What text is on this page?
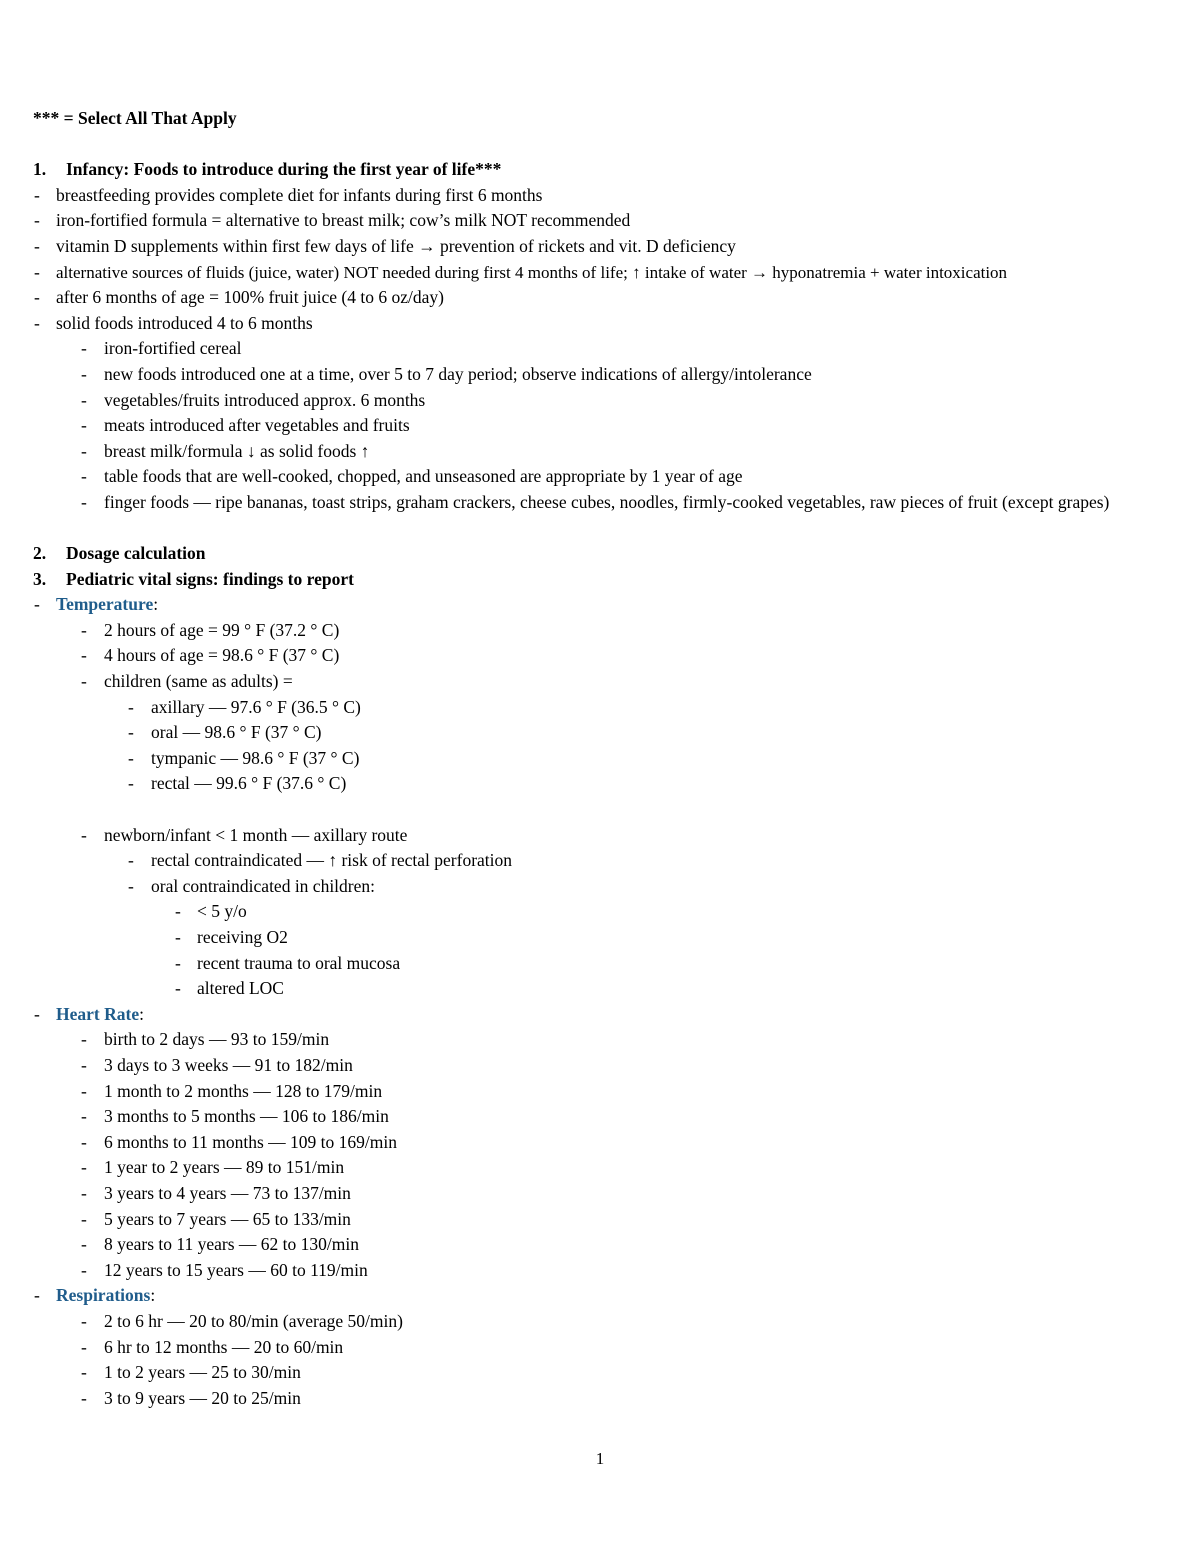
*** = Select All That Apply
1.	Infancy: Foods to introduce during the first year of life***
- breastfeeding provides complete diet for infants during first 6 months
- iron-fortified formula = alternative to breast milk; cow’s milk NOT recommended
- vitamin D supplements within first few days of life → prevention of rickets and vit. D deficiency
- alternative sources of fluids (juice, water) NOT needed during first 4 months of life; ↑ intake of water → hyponatremia + water intoxication
- after 6 months of age = 100% fruit juice (4 to 6 oz/day)
- solid foods introduced 4 to 6 months
- iron-fortified cereal
- new foods introduced one at a time, over 5 to 7 day period; observe indications of allergy/intolerance
- vegetables/fruits introduced approx. 6 months
- meats introduced after vegetables and fruits
- breast milk/formula ↓ as solid foods ↑
- table foods that are well-cooked, chopped, and unseasoned are appropriate by 1 year of age
- finger foods — ripe bananas, toast strips, graham crackers, cheese cubes, noodles, firmly-cooked vegetables, raw pieces of fruit (except grapes)
2.	Dosage calculation
3.	Pediatric vital signs: findings to report
- Temperature:
- 2 hours of age = 99 ° F (37.2 ° C)
- 4 hours of age = 98.6 ° F (37 ° C)
- children (same as adults) =
- axillary — 97.6 ° F (36.5 ° C)
- oral — 98.6 ° F (37 ° C)
- tympanic — 98.6 ° F (37 ° C)
- rectal — 99.6 ° F (37.6 ° C)
- newborn/infant < 1 month — axillary route
- rectal contraindicated — ↑ risk of rectal perforation
- oral contraindicated in children:
- < 5 y/o
- receiving O2
- recent trauma to oral mucosa
- altered LOC
- Heart Rate:
- birth to 2 days — 93 to 159/min
- 3 days to 3 weeks — 91 to 182/min
- 1 month to 2 months — 128 to 179/min
- 3 months to 5 months — 106 to 186/min
- 6 months to 11 months — 109 to 169/min
- 1 year to 2 years — 89 to 151/min
- 3 years to 4 years — 73 to 137/min
- 5 years to 7 years — 65 to 133/min
- 8 years to 11 years — 62 to 130/min
- 12 years to 15 years — 60 to 119/min
- Respirations:
- 2 to 6 hr — 20 to 80/min (average 50/min)
- 6 hr to 12 months — 20 to 60/min
- 1 to 2 years — 25 to 30/min
- 3 to 9 years — 20 to 25/min
1
